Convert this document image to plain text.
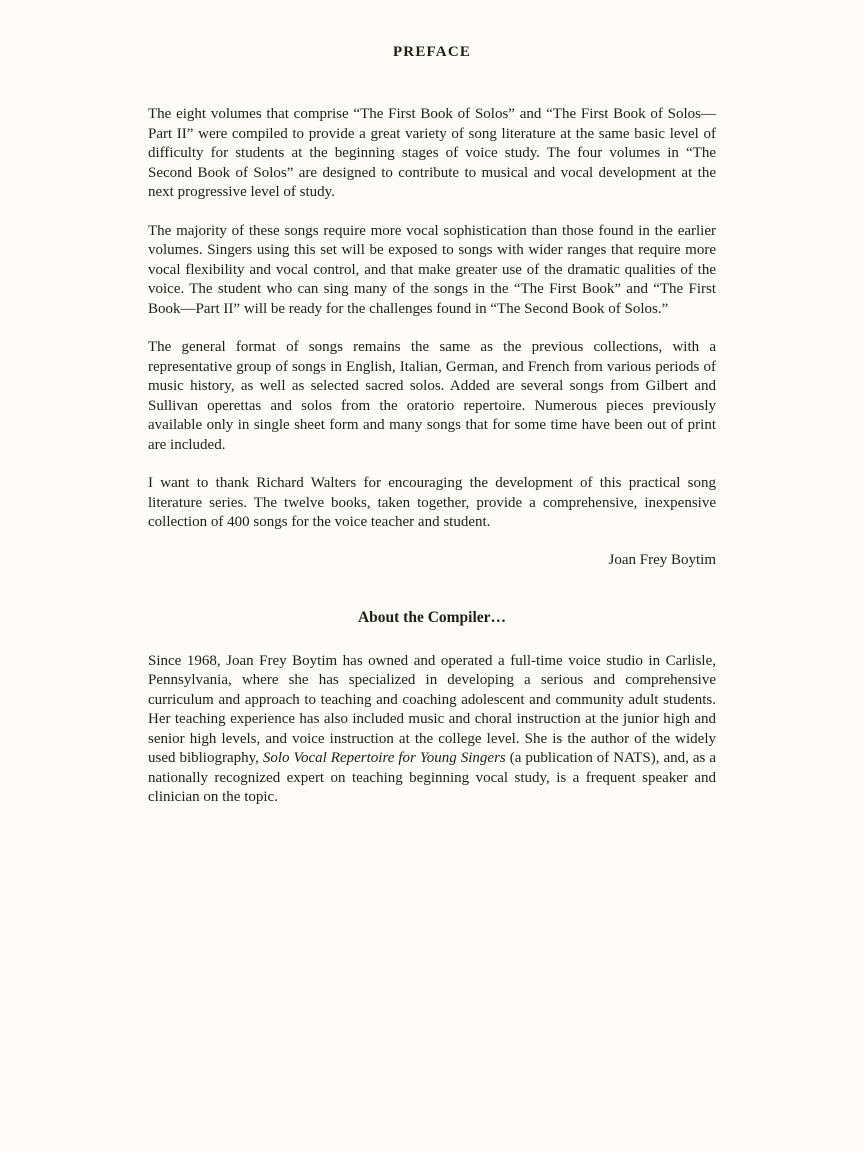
PREFACE

The eight volumes that comprise “The First Book of Solos” and “The First Book of Solos—Part II” were compiled to provide a great variety of song literature at the same basic level of difficulty for students at the beginning stages of voice study. The four volumes in “The Second Book of Solos” are designed to contribute to musical and vocal development at the next progressive level of study.

The majority of these songs require more vocal sophistication than those found in the earlier volumes. Singers using this set will be exposed to songs with wider ranges that require more vocal flexibility and vocal control, and that make greater use of the dramatic qualities of the voice. The student who can sing many of the songs in the “The First Book” and “The First Book—Part II” will be ready for the challenges found in “The Second Book of Solos.”

The general format of songs remains the same as the previous collections, with a representative group of songs in English, Italian, German, and French from various periods of music history, as well as selected sacred solos. Added are several songs from Gilbert and Sullivan operettas and solos from the oratorio repertoire. Numerous pieces previously available only in single sheet form and many songs that for some time have been out of print are included.

I want to thank Richard Walters for encouraging the development of this practical song literature series. The twelve books, taken together, provide a comprehensive, inexpensive collection of 400 songs for the voice teacher and student.

Joan Frey Boytim
About the Compiler…

Since 1968, Joan Frey Boytim has owned and operated a full-time voice studio in Carlisle, Pennsylvania, where she has specialized in developing a serious and comprehensive curriculum and approach to teaching and coaching adolescent and community adult students. Her teaching experience has also included music and choral instruction at the junior high and senior high levels, and voice instruction at the college level. She is the author of the widely used bibliography, Solo Vocal Repertoire for Young Singers (a publication of NATS), and, as a nationally recognized expert on teaching beginning vocal study, is a frequent speaker and clinician on the topic.
